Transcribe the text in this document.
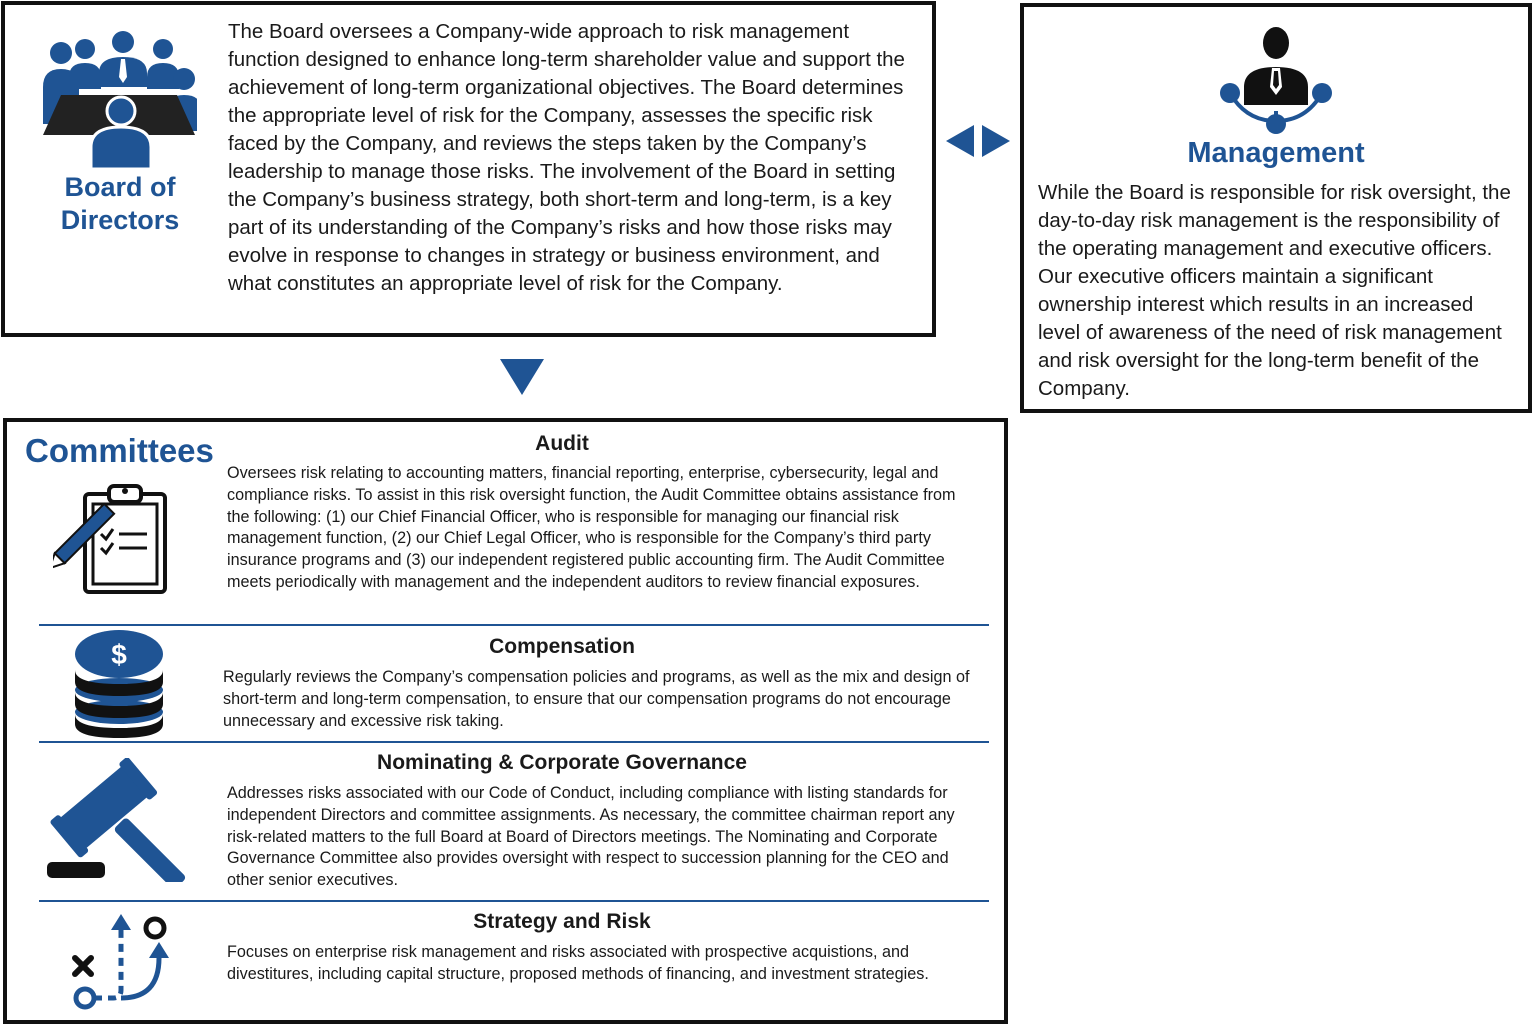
Board of
Directors
The Board oversees a Company-wide approach to risk management function designed to enhance long-term shareholder value and support the achievement of long-term organizational objectives. The Board determines the appropriate level of risk for the Company, assesses the specific risk faced by the Company, and reviews the steps taken by the Company’s leadership to manage those risks. The involvement of the Board in setting the Company’s business strategy, both short-term and long-term, is a key part of its understanding of the Company’s risks and how those risks may evolve in response to changes in strategy or business environment, and what constitutes an appropriate level of risk for the Company.
Management
While the Board is responsible for risk oversight, the day-to-day risk management is the responsibility of the operating management and executive officers. Our executive officers maintain a significant ownership interest which results in an increased level of awareness of the need of risk management and risk oversight for the long-term benefit of the Company.
Committees	Audit
Oversees risk relating to accounting matters, financial reporting, enterprise, cybersecurity, legal and compliance risks. To assist in this risk oversight function, the Audit Committee obtains assistance from the following: (1) our Chief Financial Officer, who is responsible for managing our financial risk management function, (2) our Chief Legal Officer, who is responsible for the Company’s third party insurance programs and (3) our independent registered public accounting firm. The Audit Committee meets periodically with management and the independent auditors to review financial exposures.
Compensation
$
Regularly reviews the Company’s compensation policies and programs, as well as the mix and design of short-term and long-term compensation, to ensure that our compensation programs do not encourage unnecessary and excessive risk taking.
Nominating & Corporate Governance
Addresses risks associated with our Code of Conduct, including compliance with listing standards for independent Directors and committee assignments. As necessary, the committee chairman report any risk-related matters to the full Board at Board of Directors meetings. The Nominating and Corporate Governance Committee also provides oversight with respect to succession planning for the CEO and other senior executives.
Strategy and Risk
Focuses on enterprise risk management and risks associated with prospective acquistions, and divestitures, including capital structure, proposed methods of financing, and investment strategies.
